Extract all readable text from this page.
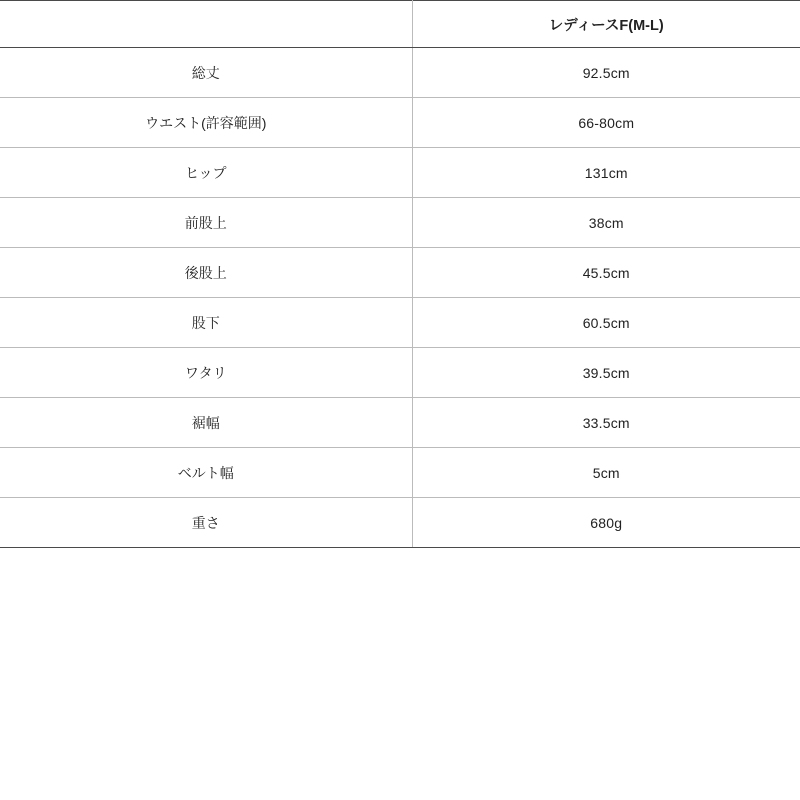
	レディースF(M-L)
総丈	92.5cm
ウエスト(許容範囲)	66-80cm
ヒップ	131cm
前股上	38cm
後股上	45.5cm
股下	60.5cm
ワタリ	39.5cm
裾幅	33.5cm
ベルト幅	5cm
重さ	680g
